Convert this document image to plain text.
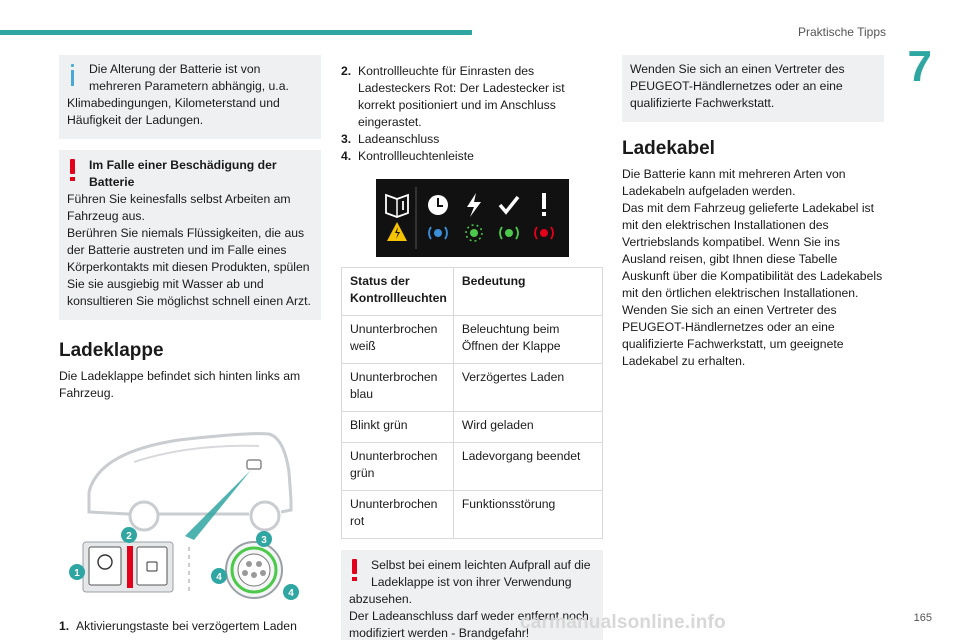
Praktische Tipps
7
Die Alterung der Batterie ist von mehreren Parametern abhängig, u.a.
Klimabedingungen, Kilometerstand und Häufigkeit der Ladungen.
Im Falle einer Beschädigung der Batterie
Führen Sie keinesfalls selbst Arbeiten am Fahrzeug aus.
Berühren Sie niemals Flüssigkeiten, die aus der Batterie austreten und im Falle eines Körperkontakts mit diesen Produkten, spülen Sie sie ausgiebig mit Wasser ab und konsultieren Sie möglichst schnell einen Arzt.
Ladeklappe

Die Ladeklappe befindet sich hinten links am Fahrzeug.

1
2	3
4
4
1. Aktivierungstaste bei verzögertem Laden
2. Kontrollleuchte für Einrasten des Ladesteckers Rot: Der Ladestecker ist korrekt positioniert und im Anschluss eingerastet.
3. Ladeanschluss
4. Kontrollleuchtenleiste
Status der Kontrollleuchten	Bedeutung
Ununterbrochen weiß	Beleuchtung beim Öffnen der Klappe
Ununterbrochen blau	Verzögertes Laden
Blinkt grün	Wird geladen
Ununterbrochen grün	Ladevorgang beendet
Ununterbrochen rot	Funktionsstörung
Selbst bei einem leichten Aufprall auf die Ladeklappe ist von ihrer Verwendung
abzusehen.
Der Ladeanschluss darf weder entfernt noch modifiziert werden - Brandgefahr!
Wenden Sie sich an einen Vertreter des PEUGEOT-Händlernetzes oder an eine qualifizierte Fachwerkstatt.
Ladekabel

Die Batterie kann mit mehreren Arten von Ladekabeln aufgeladen werden.

Das mit dem Fahrzeug gelieferte Ladekabel ist mit den elektrischen Installationen des Vertriebslands kompatibel. Wenn Sie ins Ausland reisen, gibt Ihnen diese Tabelle Auskunft über die Kompatibilität des Ladekabels mit den örtlichen elektrischen Installationen.

Wenden Sie sich an einen Vertreter des PEUGEOT-Händlernetzes oder an eine qualifizierte Fachwerkstatt, um geeignete Ladekabel zu erhalten.

carmanualsonline.info	165
